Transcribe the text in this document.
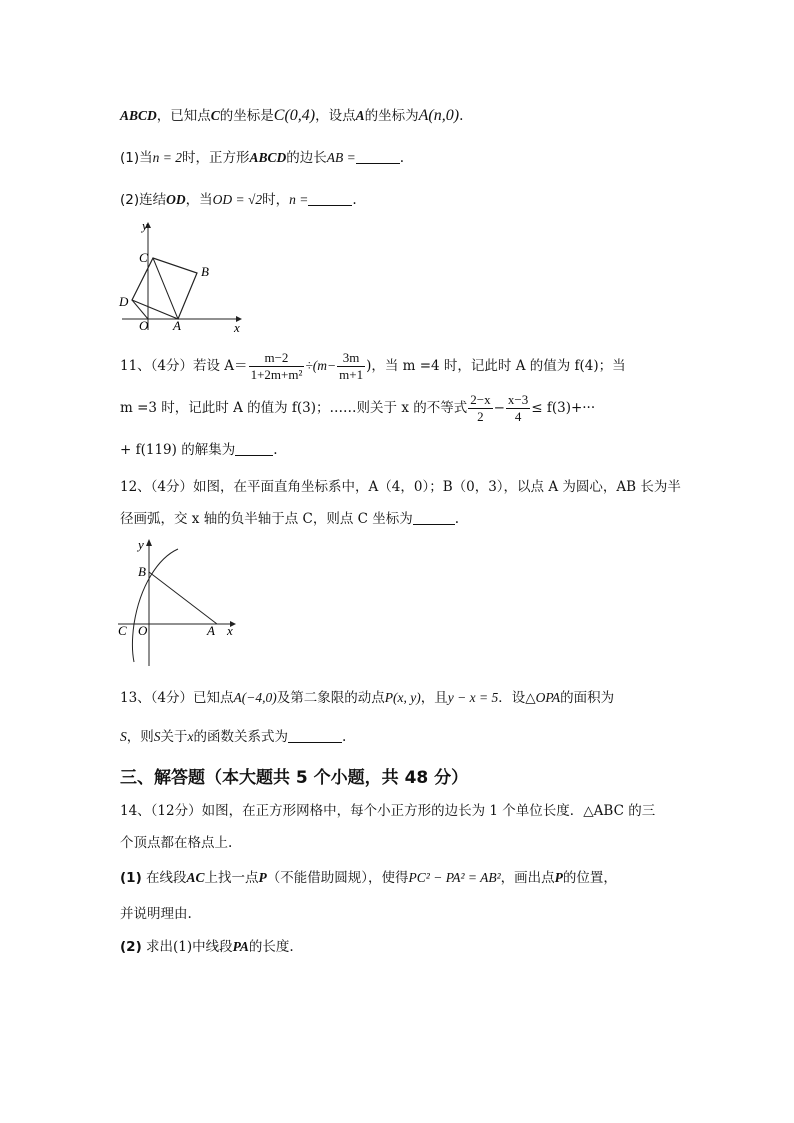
ABCD，已知点C的坐标是C(0,4)，设点A的坐标为A(n,0).
(1)当n = 2时，正方形ABCD的边长AB =	.
(2)连结OD，当OD = √2时，n =	.
y
x
C
B
D
O A
11、（4分）若设 $A= \frac{m-2}{\text{1+2m+m²}} \div(m- \frac{3m}{m+1}$ )，当 m =4 时，记此时 A 的值为 f(4)；当
m =3 时，记此时 A 的值为 f(3)；……则关于 x 的不等式 $\frac{2-x}{2} - \frac{x-3}{4} \le f(3)+\cdot\cdot\cdot$
+ f(119) 的解集为	.
12、（4分）如图，在平面直角坐标系中，A（4，0）；B（0，3），以点 A 为圆心，AB 长为半
径画弧，交 x 轴的负半轴于点 C，则点 C 坐标为	.
y
x
B
C O	A
13、（4分）已知点A(−4,0)及第二象限的动点P(x, y)，且y − x = 5．设△OPA的面积为
S，则S关于x的函数关系式为	.
三、解答题（本大题共 5 个小题，共 48 分）
14、（12分）如图，在正方形网格中，每个小正方形的边长为 1 个单位长度．△ABC 的三
个顶点都在格点上.
(1) 在线段AC上找一点P（不能借助圆规），使得PC² − PA² = AB²，画出点P的位置，
并说明理由.
(2) 求出(1)中线段PA的长度.
